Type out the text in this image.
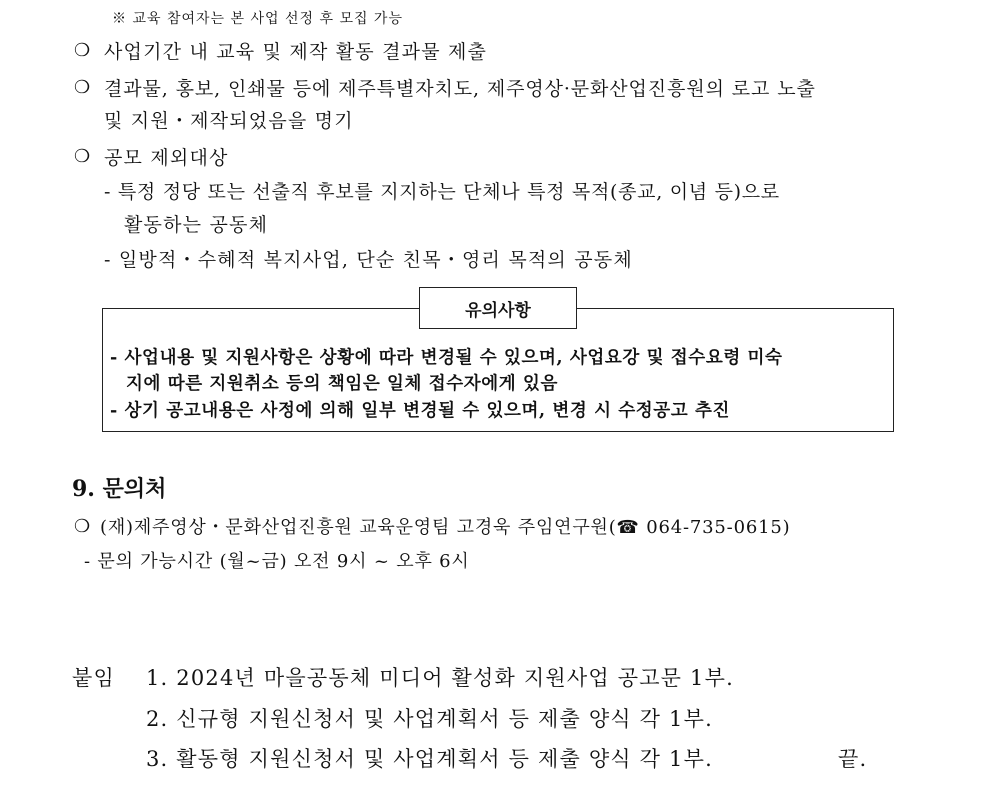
※ 교육 참여자는 본 사업 선정 후 모집 가능
❍ 사업기간 내 교육 및 제작 활동 결과물 제출
❍ 결과물, 홍보, 인쇄물 등에 제주특별자치도, 제주영상·문화산업진흥원의 로고 노출
및 지원・제작되었음을 명기
❍ 공모 제외대상
- 특정 정당 또는 선출직 후보를 지지하는 단체나 특정 목적(종교, 이념 등)으로
활동하는 공동체
- 일방적・수혜적 복지사업, 단순 친목・영리 목적의 공동체
유의사항
- 사업내용 및 지원사항은 상황에 따라 변경될 수 있으며, 사업요강 및 접수요령 미숙
지에 따른 지원취소 등의 책임은 일체 접수자에게 있음
- 상기 공고내용은 사정에 의해 일부 변경될 수 있으며, 변경 시 수정공고 추진
9. 문의처
❍ (재)제주영상・문화산업진흥원 교육운영팀 고경욱 주임연구원(☎ 064-735-0615)
- 문의 가능시간 (월~금) 오전 9시 ~ 오후 6시
붙임 1. 2024년 마을공동체 미디어 활성화 지원사업 공고문 1부.
2. 신규형 지원신청서 및 사업계획서 등 제출 양식 각 1부.
3. 활동형 지원신청서 및 사업계획서 등 제출 양식 각 1부.	끝.
